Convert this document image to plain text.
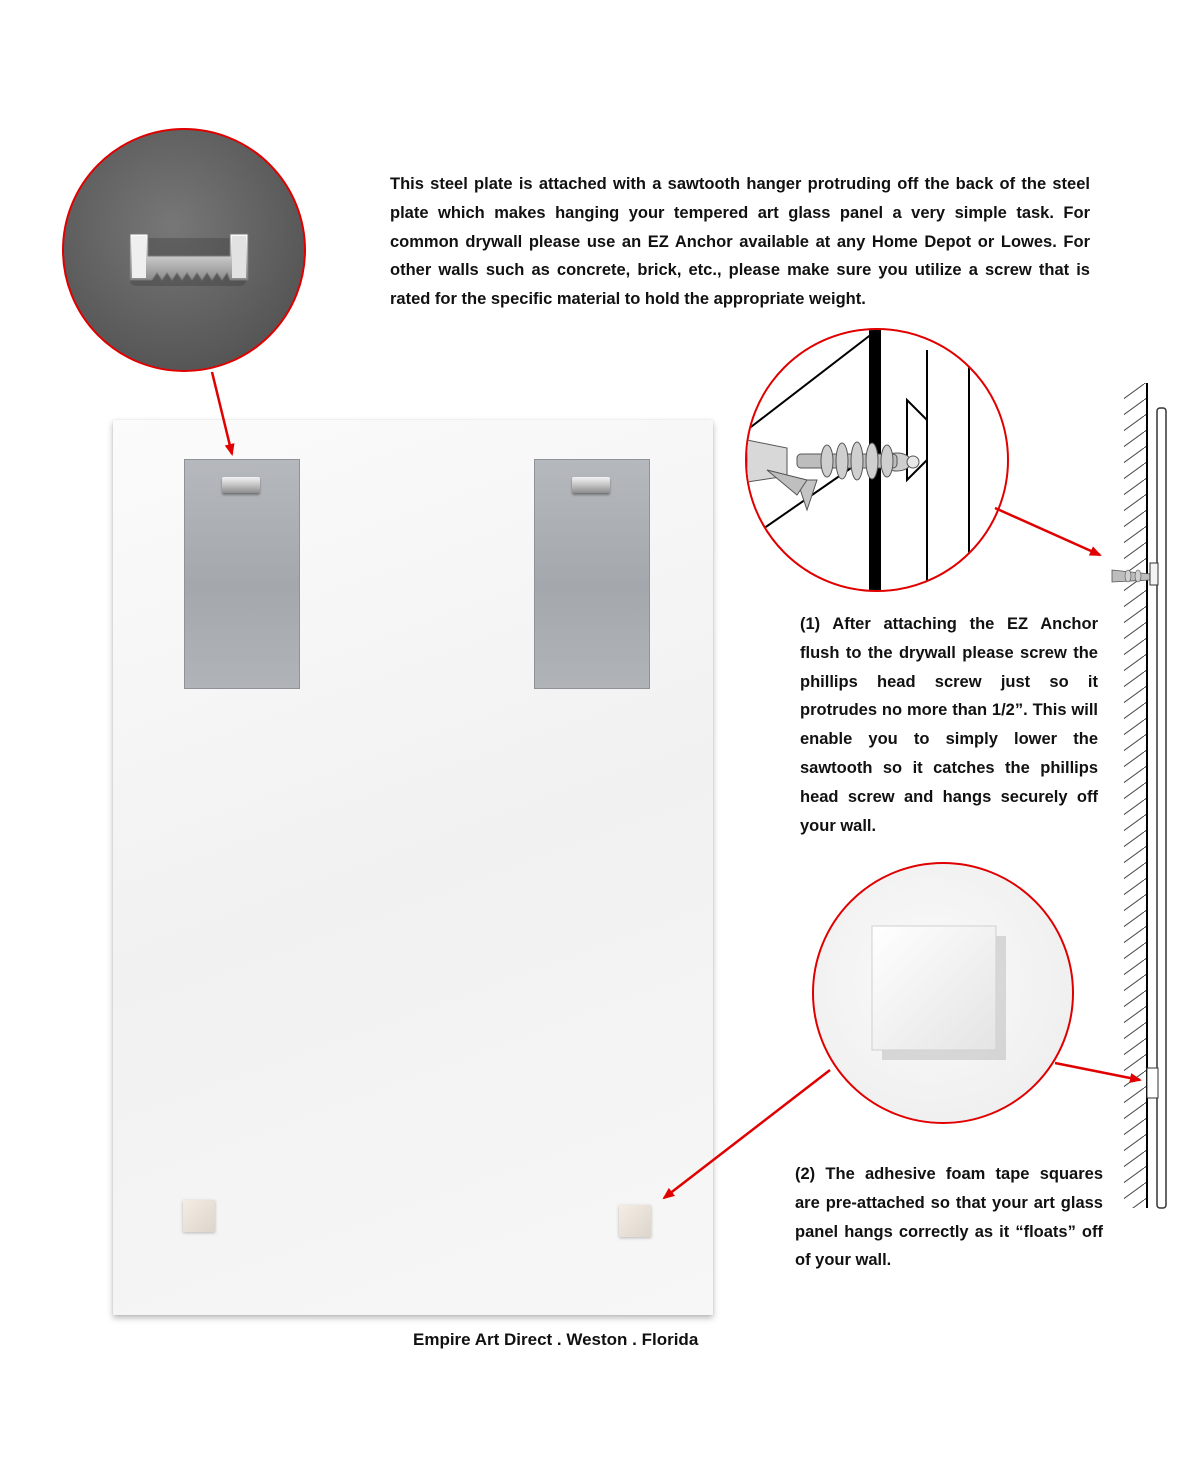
This steel plate is attached with a sawtooth hanger protruding off the back of the steel plate which makes hanging your tempered art glass panel a very simple task. For common drywall please use an EZ Anchor available at any Home Depot or Lowes. For other walls such as concrete, brick, etc., please make sure you utilize a screw that is rated for the specific material to hold the appropriate weight.

(1) After attaching the EZ Anchor flush to the drywall please screw the phillips head screw just so it protrudes no more than 1/2”. This will enable you to simply lower the sawtooth so it catches the phillips head screw and hangs securely off your wall.

(2) The adhesive foam tape squares are pre-attached so that your art glass panel hangs correctly as it “floats” off of your wall.

Empire Art Direct . Weston . Florida
